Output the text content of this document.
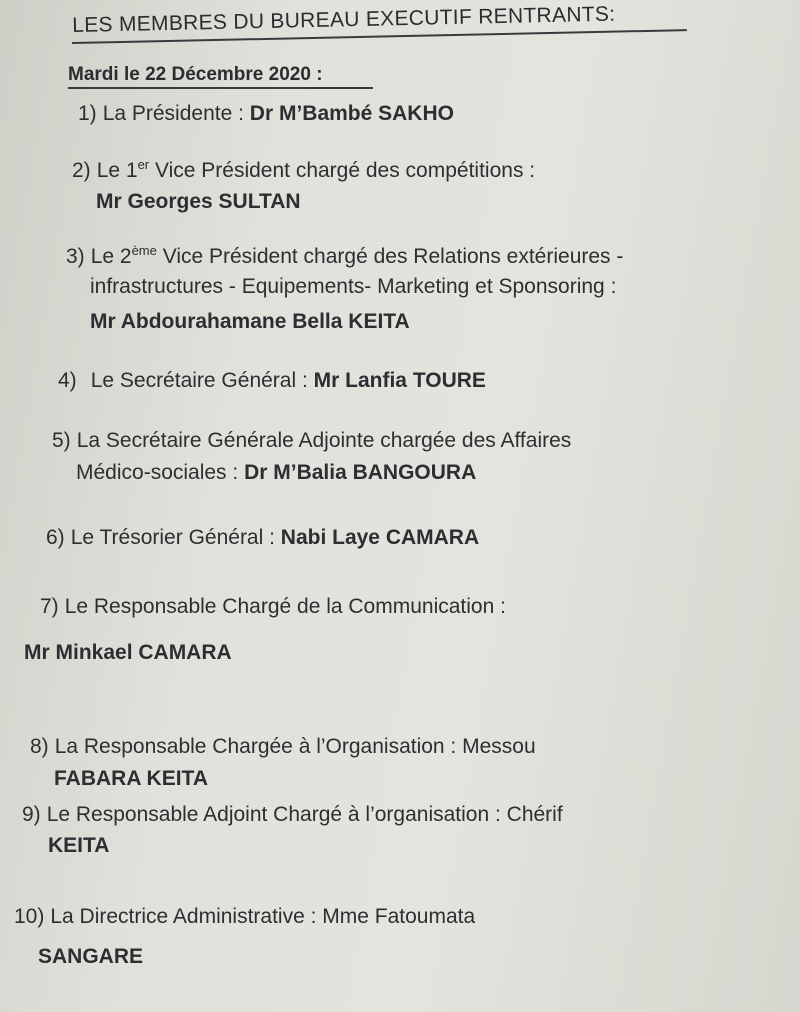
LES MEMBRES DU BUREAU EXECUTIF RENTRANTS:
Mardi le 22 Décembre 2020 :
1) La Présidente : Dr M’Bambé SAKHO
2) Le 1er Vice Président chargé des compétitions :
Mr Georges SULTAN
3) Le 2ème Vice Président chargé des Relations extérieures -
infrastructures - Equipements- Marketing et Sponsoring :
Mr Abdourahamane Bella KEITA
4) Le Secrétaire Général : Mr Lanfia TOURE
5) La Secrétaire Générale Adjointe chargée des Affaires
Médico-sociales : Dr M’Balia BANGOURA
6) Le Trésorier Général : Nabi Laye CAMARA
7) Le Responsable Chargé de la Communication :
Mr Minkael CAMARA
8) La Responsable Chargée à l’Organisation : Messou
FABARA KEITA
9) Le Responsable Adjoint Chargé à l’organisation : Chérif
KEITA
10) La Directrice Administrative : Mme Fatoumata
SANGARE
